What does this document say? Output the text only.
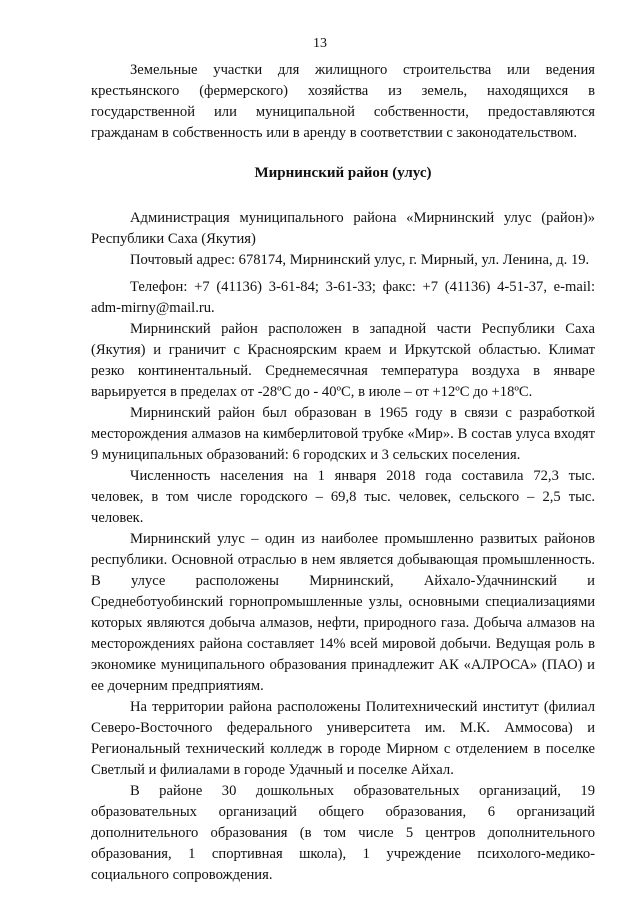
13

Земельные участки для жилищного строительства или ведения крестьянского (фермерского) хозяйства из земель, находящихся в государственной или муниципальной собственности, предоставляются гражданам в собственность или в аренду в соответствии с законодательством.

Мирнинский район (улус)

Администрация муниципального района «Мирнинский улус (район)» Республики Саха (Якутия)

Почтовый адрес: 678174, Мирнинский улус, г. Мирный, ул. Ленина, д. 19.

Телефон: +7 (41136) 3-61-84; 3-61-33; факс: +7 (41136) 4-51-37, e-mail: adm-mirny@mail.ru.

Мирнинский район расположен в западной части Республики Саха (Якутия) и граничит с Красноярским краем и Иркутской областью. Климат резко континентальный. Среднемесячная температура воздуха в январе варьируется в пределах от -28ºС до - 40ºС, в июле – от +12ºС до +18ºС.

Мирнинский район был образован в 1965 году в связи с разработкой месторождения алмазов на кимберлитовой трубке «Мир». В состав улуса входят 9 муниципальных образований: 6 городских и 3 сельских поселения.

Численность населения на 1 января 2018 года составила 72,3 тыс. человек, в том числе городского – 69,8 тыс. человек, сельского – 2,5 тыс. человек.

Мирнинский улус – один из наиболее промышленно развитых районов республики. Основной отраслью в нем является добывающая промышленность. В улусе расположены Мирнинский, Айхало-Удачнинский и Среднеботуобинский горнопромышленные узлы, основными специализациями которых являются добыча алмазов, нефти, природного газа. Добыча алмазов на месторождениях района составляет 14% всей мировой добычи. Ведущая роль в экономике муниципального образования принадлежит АК «АЛРОСА» (ПАО) и ее дочерним предприятиям.

На территории района расположены Политехнический институт (филиал Северо-Восточного федерального университета им. М.К. Аммосова) и Региональный технический колледж в городе Мирном с отделением в поселке Светлый и филиалами в городе Удачный и поселке Айхал.

В районе 30 дошкольных образовательных организаций, 19 образовательных организаций общего образования, 6 организаций дополнительного образования (в том числе 5 центров дополнительного образования, 1 спортивная школа), 1 учреждение психолого-медико-социального сопровождения.
